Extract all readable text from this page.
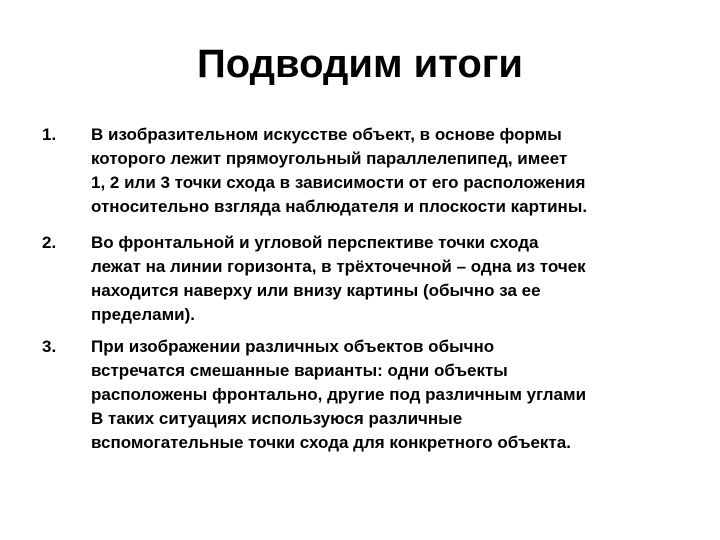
Подводим итоги
1. В изобразительном искусстве объект, в основе формы
которого лежит прямоугольный параллелепипед, имеет
1, 2 или 3 точки схода в зависимости от его расположения
относительно взгляда наблюдателя и плоскости картины.
2. Во фронтальной и угловой перспективе точки схода
лежат на линии горизонта, в трёхточечной – одна из точек
находится наверху или внизу картины (обычно за ее
пределами).
3. При изображении различных объектов обычно
встречатся смешанные варианты: одни объекты
расположены фронтально, другие под различным углами
В таких ситуациях используюся различные
вспомогательные точки схода для конкретного объекта.
